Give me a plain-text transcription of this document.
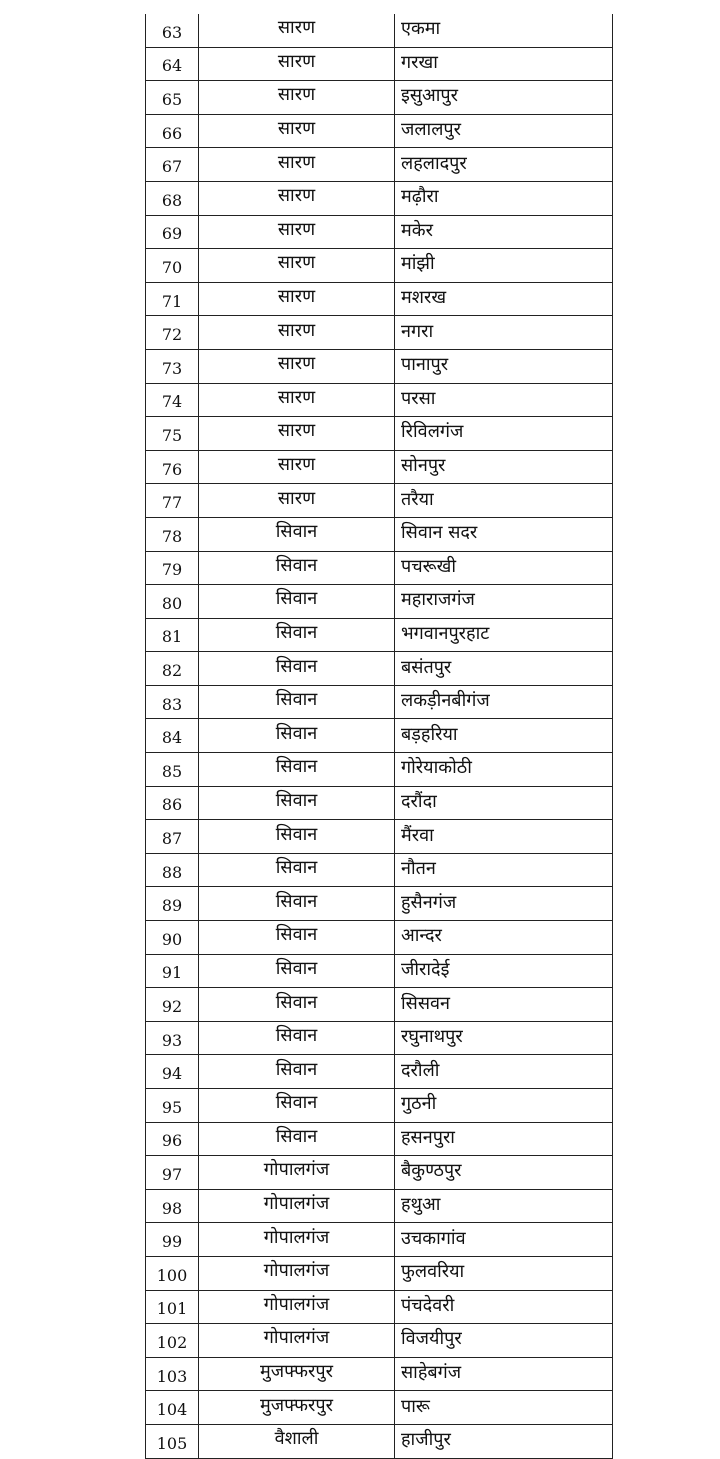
63	सारण	एकमा
64	सारण	गरखा
65	सारण	इसुआपुर
66	सारण	जलालपुर
67	सारण	लहलादपुर
68	सारण	मढ़ौरा
69	सारण	मकेर
70	सारण	मांझी
71	सारण	मशरख
72	सारण	नगरा
73	सारण	पानापुर
74	सारण	परसा
75	सारण	रिविलगंज
76	सारण	सोनपुर
77	सारण	तरैया
78	सिवान	सिवान सदर
79	सिवान	पचरूखी
80	सिवान	महाराजगंज
81	सिवान	भगवानपुरहाट
82	सिवान	बसंतपुर
83	सिवान	लकड़ीनबीगंज
84	सिवान	बड़हरिया
85	सिवान	गोरेयाकोठी
86	सिवान	दरौंदा
87	सिवान	मैंरवा
88	सिवान	नौतन
89	सिवान	हुसैनगंज
90	सिवान	आन्दर
91	सिवान	जीरादेई
92	सिवान	सिसवन
93	सिवान	रघुनाथपुर
94	सिवान	दरौली
95	सिवान	गुठनी
96	सिवान	हसनपुरा
97	गोपालगंज	बैकुण्ठपुर
98	गोपालगंज	हथुआ
99	गोपालगंज	उचकागांव
100	गोपालगंज	फुलवरिया
101	गोपालगंज	पंचदेवरी
102	गोपालगंज	विजयीपुर
103	मुजफ्फरपुर	साहेबगंज
104	मुजफ्फरपुर	पारू
105	वैशाली	हाजीपुर
